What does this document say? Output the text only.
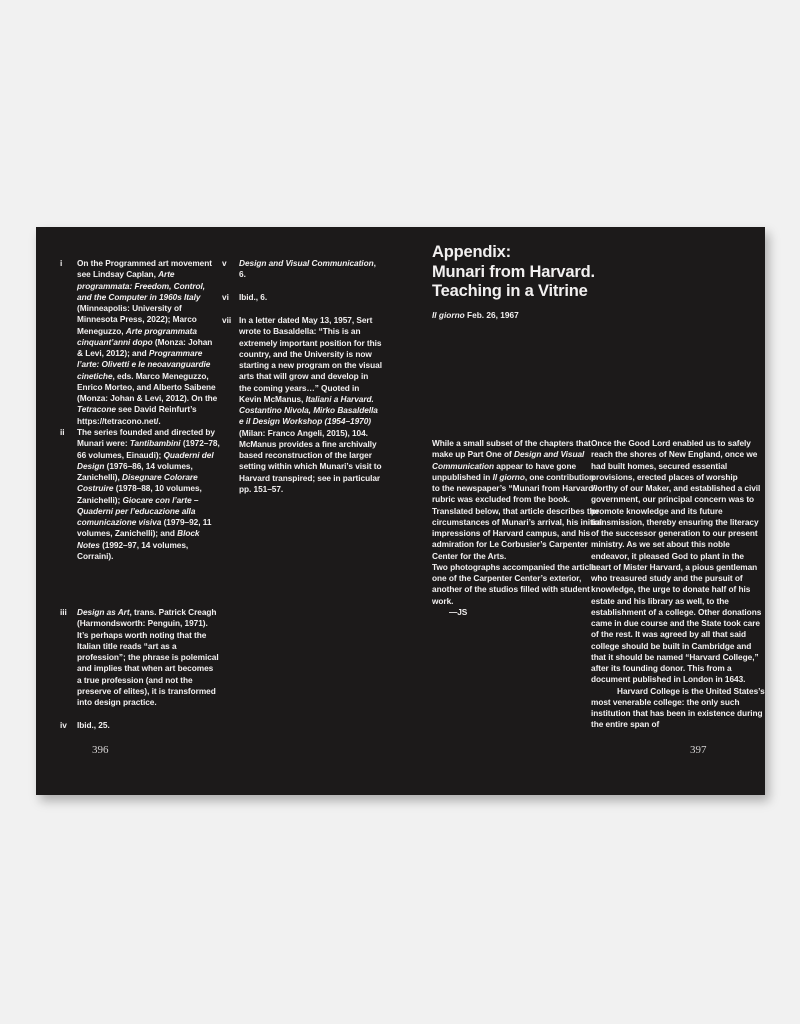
i	On the Programmed art movement see Lindsay Caplan, Arte programmata: Freedom, Control, and the Computer in 1960s Italy (Minneapolis: University of Minnesota Press, 2022); Marco Meneguzzo, Arte programmata cinquant’anni dopo (Monza: Johan & Levi, 2012); and Programmare l’arte: Olivetti e le neoavanguardie cinetiche, eds. Marco Meneguzzo, Enrico Morteo, and Alberto Saibene (Monza: Johan & Levi, 2012). On the Tetracone see David Reinfurt’s https://tetracono.net/.
ii	The series founded and directed by Munari were: Tantibambini (1972–78, 66 volumes, Einaudi); Quaderni del Design (1976–86, 14 volumes, Zanichelli), Disegnare Colorare Costruire (1978–88, 10 volumes, Zanichelli); Giocare con l’arte – Quaderni per l’educazione alla comunicazione visiva (1979–92, 11 volumes, Zanichelli); and Block Notes (1992–97, 14 volumes, Corraini).
iii	Design as Art, trans. Patrick Creagh (Harmondsworth: Penguin, 1971). It’s perhaps worth noting that the Italian title reads “art as a profession”; the phrase is polemical and implies that when art becomes a true profession (and not the preserve of elites), it is transformed into design practice.
iv	Ibid., 25.
v	Design and Visual Communication, 6.
vi	Ibid., 6.
vii In a letter dated May 13, 1957, Sert wrote to Basaldella: “This is an extremely important position for this country, and the University is now starting a new program on the visual arts that will grow and develop in the coming years…” Quoted in Kevin McManus, Italiani a Harvard. Costantino Nivola, Mirko Basaldella e il Design Workshop (1954–1970) (Milan: Franco Angeli, 2015), 104. McManus provides a fine archivally based reconstruction of the larger setting within which Munari’s visit to Harvard transpired; see in particular pp. 151–57.
396
Appendix:
Munari from Harvard.
Teaching in a Vitrine
Il giorno Feb. 26, 1967
While a small subset of the chapters that make up Part One of Design and Visual Communication appear to have gone unpublished in Il giorno, one contribution to the newspaper’s “Munari from Harvard” rubric was excluded from the book. Translated below, that article describes the circumstances of Munari’s arrival, his initial impressions of Harvard campus, and his admiration for Le Corbusier’s Carpenter Center for the Arts.
Two photographs accompanied the article: one of the Carpenter Center’s exterior, another of the studios filled with student work.
—JS
Once the Good Lord enabled us to safely reach the shores of New England, once we had built homes, secured essential provisions, erected places of worship worthy of our Maker, and established a civil government, our principal concern was to promote knowledge and its future transmission, thereby ensuring the literacy of the successor generation to our present ministry. As we set about this noble endeavor, it pleased God to plant in the heart of Mister Harvard, a pious gentleman who treasured study and the pursuit of knowledge, the urge to donate half of his estate and his library as well, to the establishment of a college. Other donations came in due course and the State took care of the rest. It was agreed by all that said college should be built in Cambridge and that it should be named “Harvard College,” after its founding donor. This from a document published in London in 1643.
Harvard College is the United States’s most venerable college: the only such institution that has been in existence during the entire span of
397
